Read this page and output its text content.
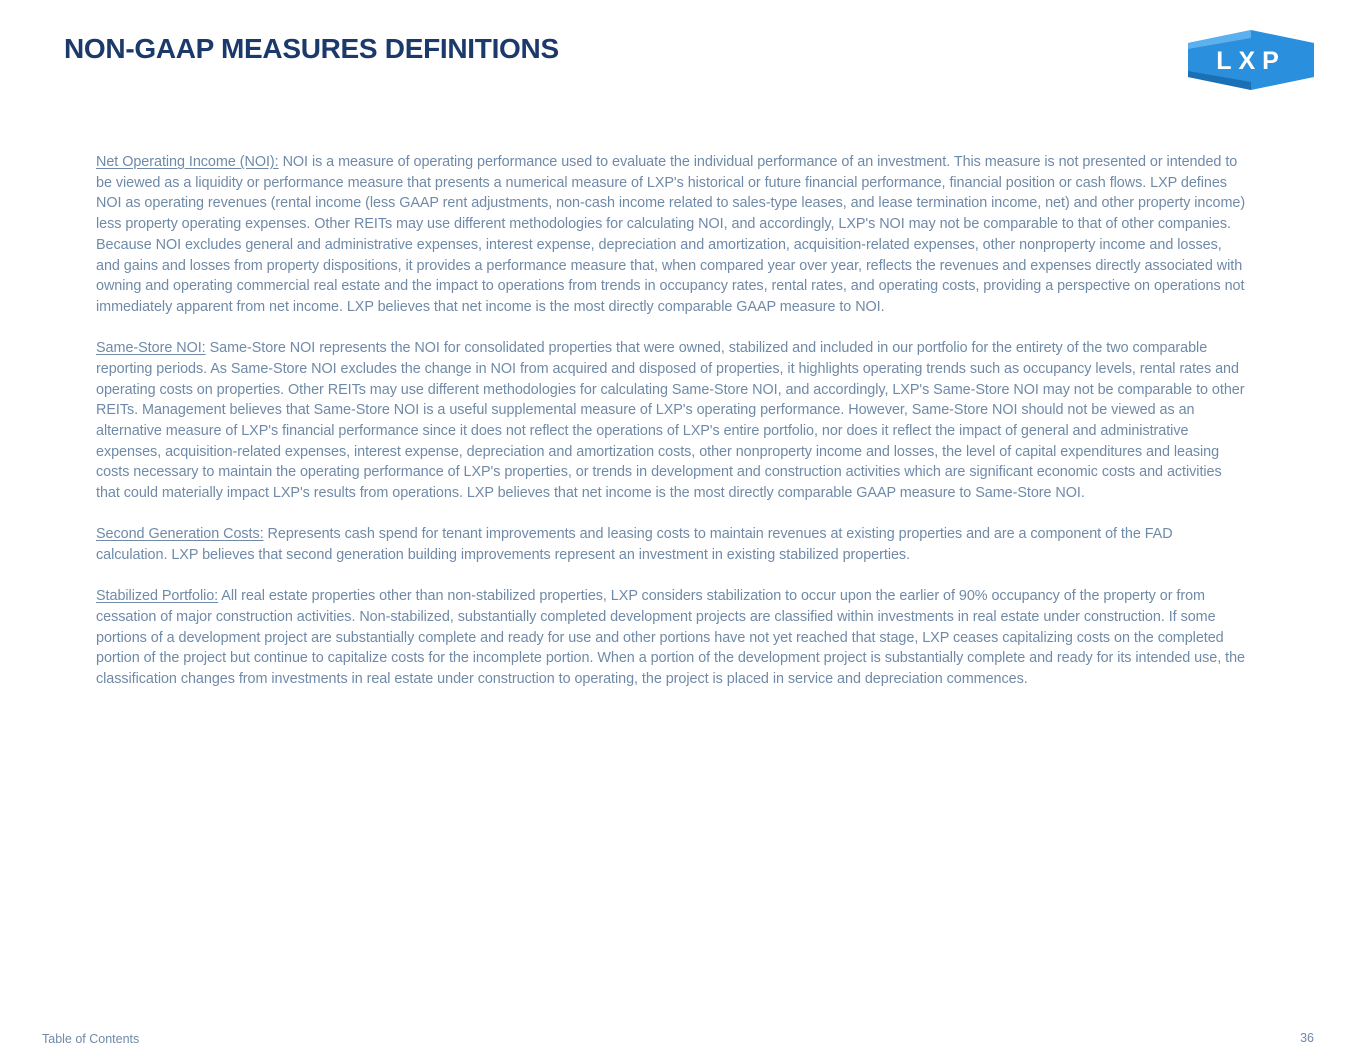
NON-GAAP MEASURES DEFINITIONS	LXP

Net Operating Income (NOI): NOI is a measure of operating performance used to evaluate the individual performance of an investment. This measure is not presented or intended to be viewed as a liquidity or performance measure that presents a numerical measure of LXP's historical or future financial performance, financial position or cash flows. LXP defines NOI as operating revenues (rental income (less GAAP rent adjustments, non-cash income related to sales-type leases, and lease termination income, net) and other property income) less property operating expenses. Other REITs may use different methodologies for calculating NOI, and accordingly, LXP's NOI may not be comparable to that of other companies. Because NOI excludes general and administrative expenses, interest expense, depreciation and amortization, acquisition-related expenses, other nonproperty income and losses, and gains and losses from property dispositions, it provides a performance measure that, when compared year over year, reflects the revenues and expenses directly associated with owning and operating commercial real estate and the impact to operations from trends in occupancy rates, rental rates, and operating costs, providing a perspective on operations not immediately apparent from net income. LXP believes that net income is the most directly comparable GAAP measure to NOI.

Same-Store NOI: Same-Store NOI represents the NOI for consolidated properties that were owned, stabilized and included in our portfolio for the entirety of the two comparable reporting periods. As Same-Store NOI excludes the change in NOI from acquired and disposed of properties, it highlights operating trends such as occupancy levels, rental rates and operating costs on properties. Other REITs may use different methodologies for calculating Same-Store NOI, and accordingly, LXP's Same-Store NOI may not be comparable to other REITs. Management believes that Same-Store NOI is a useful supplemental measure of LXP's operating performance. However, Same-Store NOI should not be viewed as an alternative measure of LXP's financial performance since it does not reflect the operations of LXP's entire portfolio, nor does it reflect the impact of general and administrative expenses, acquisition-related expenses, interest expense, depreciation and amortization costs, other nonproperty income and losses, the level of capital expenditures and leasing costs necessary to maintain the operating performance of LXP's properties, or trends in development and construction activities which are significant economic costs and activities that could materially impact LXP's results from operations. LXP believes that net income is the most directly comparable GAAP measure to Same-Store NOI.

Second Generation Costs: Represents cash spend for tenant improvements and leasing costs to maintain revenues at existing properties and are a component of the FAD calculation. LXP believes that second generation building improvements represent an investment in existing stabilized properties.

Stabilized Portfolio: All real estate properties other than non-stabilized properties, LXP considers stabilization to occur upon the earlier of 90% occupancy of the property or from cessation of major construction activities. Non-stabilized, substantially completed development projects are classified within investments in real estate under construction. If some portions of a development project are substantially complete and ready for use and other portions have not yet reached that stage, LXP ceases capitalizing costs on the completed portion of the project but continue to capitalize costs for the incomplete portion. When a portion of the development project is substantially complete and ready for its intended use, the classification changes from investments in real estate under construction to operating, the project is placed in service and depreciation commences.

Table of Contents	36
